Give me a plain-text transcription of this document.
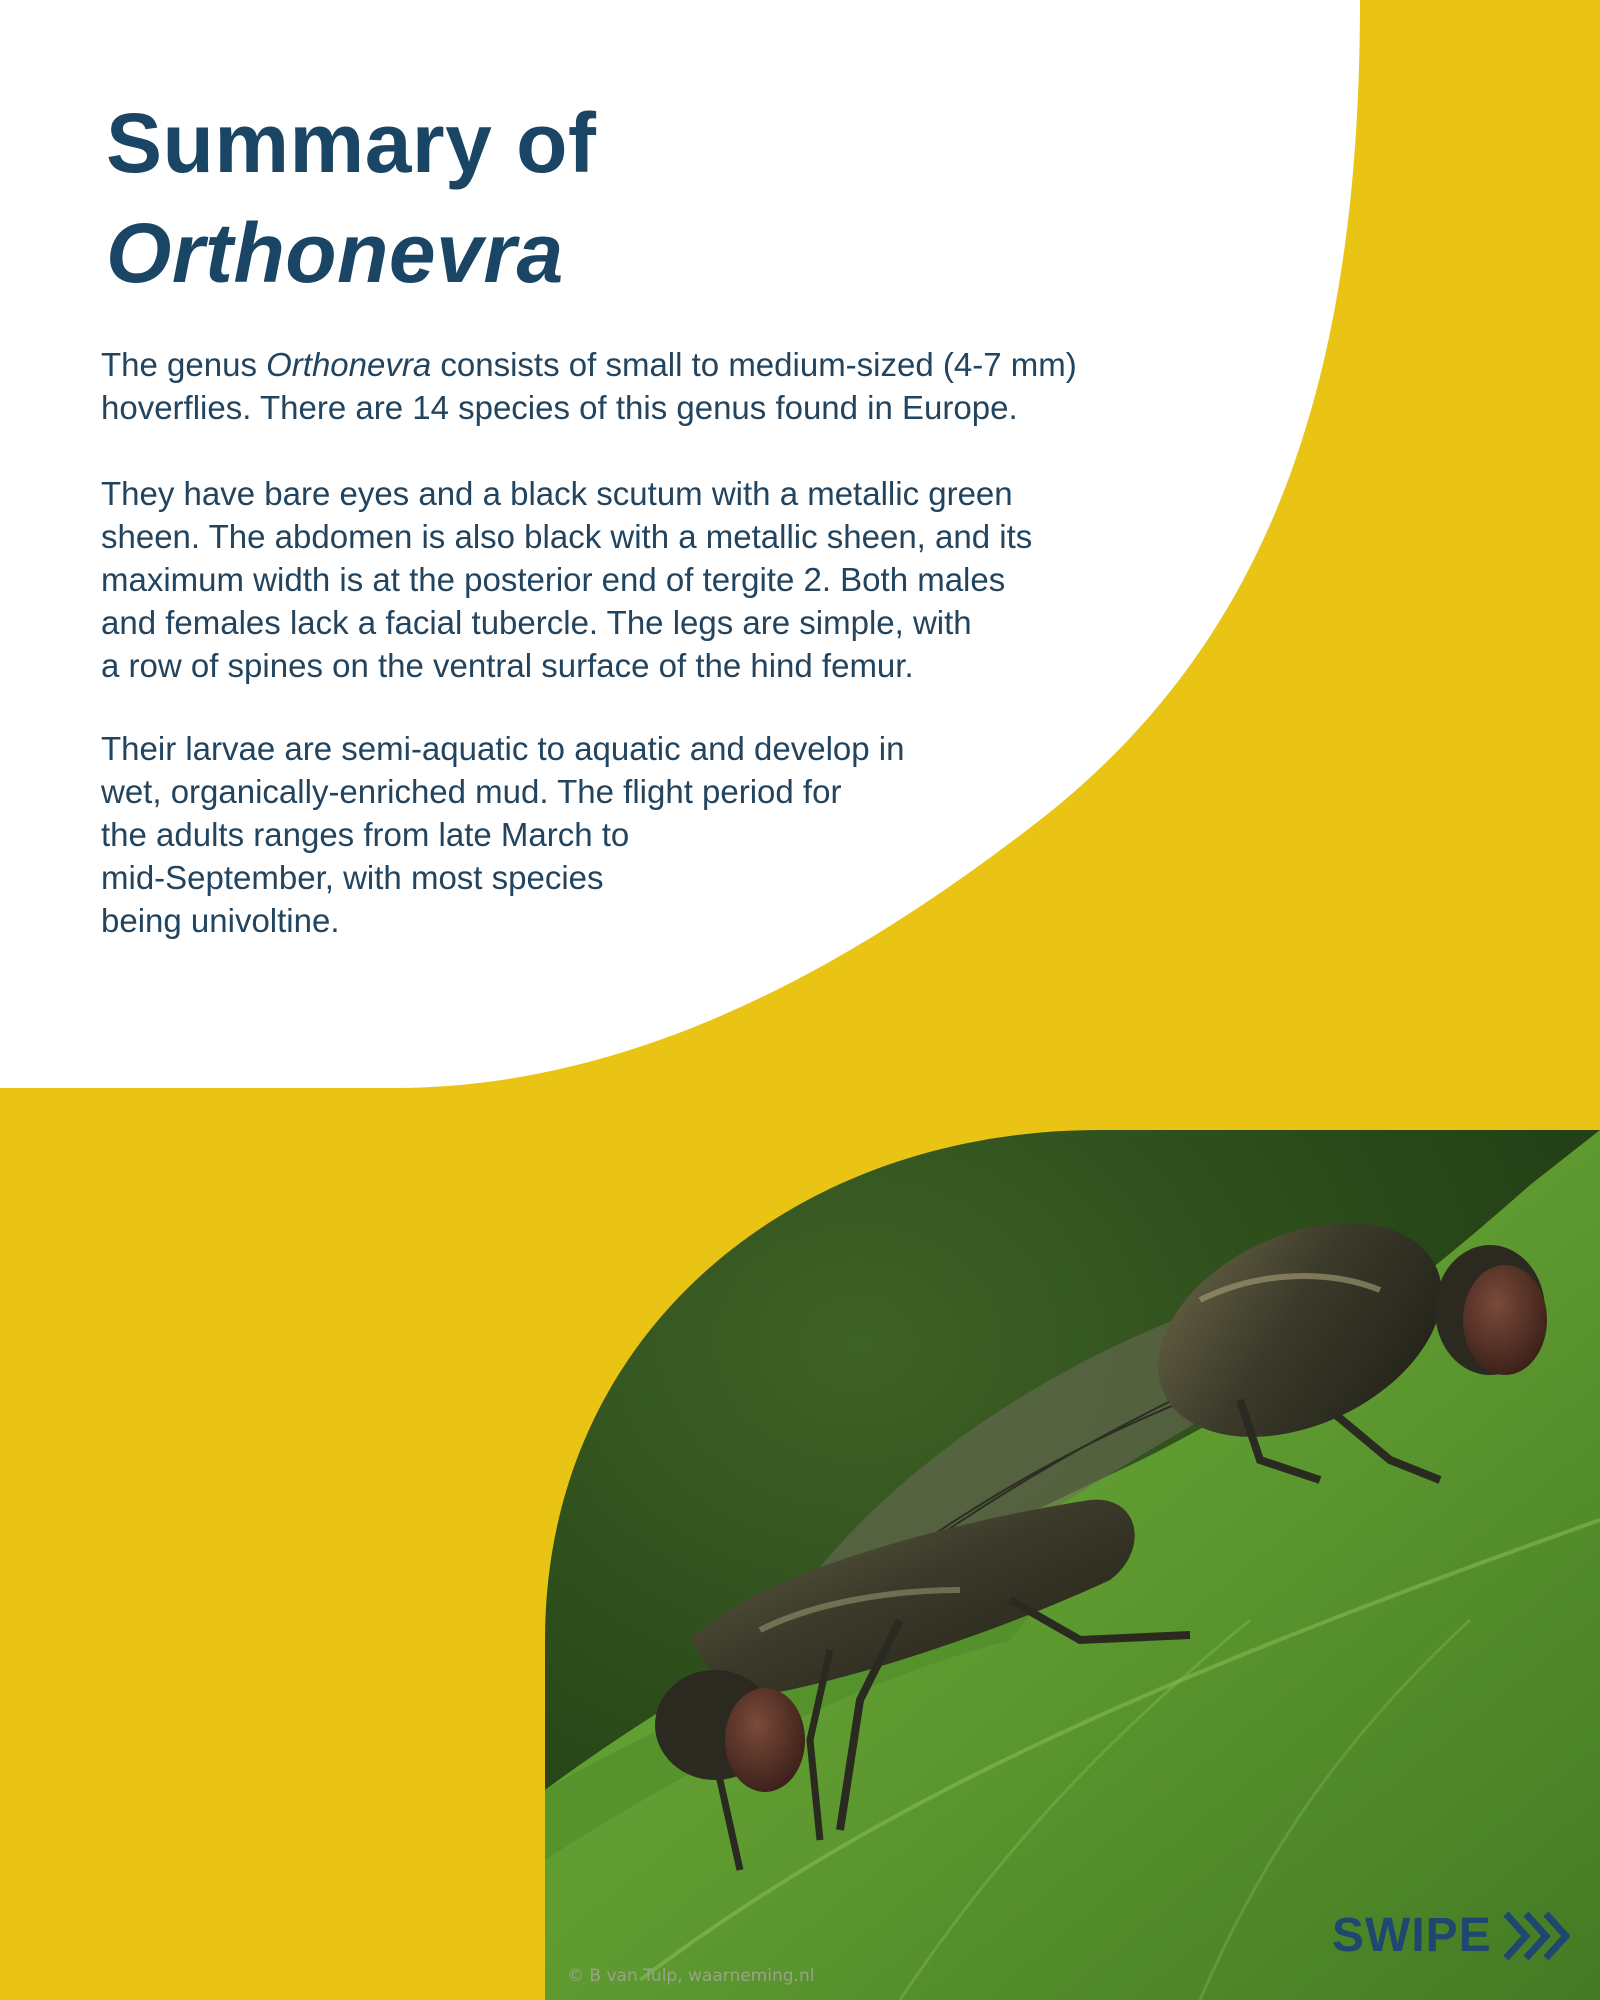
Summary of
Orthonevra

The genus Orthonevra consists of small to medium-sized (4-7 mm)
hoverflies. There are 14 species of this genus found in Europe.

They have bare eyes and a black scutum with a metallic green
sheen. The abdomen is also black with a metallic sheen, and its
maximum width is at the posterior end of tergite 2. Both males
and females lack a facial tubercle. The legs are simple, with
a row of spines on the ventral surface of the hind femur.

Their larvae are semi-aquatic to aquatic and develop in
wet, organically-enriched mud. The flight period for
the adults ranges from late March to
mid-September, with most species
being univoltine.

© B van Tulp, waarneming.nl
SWIPE
